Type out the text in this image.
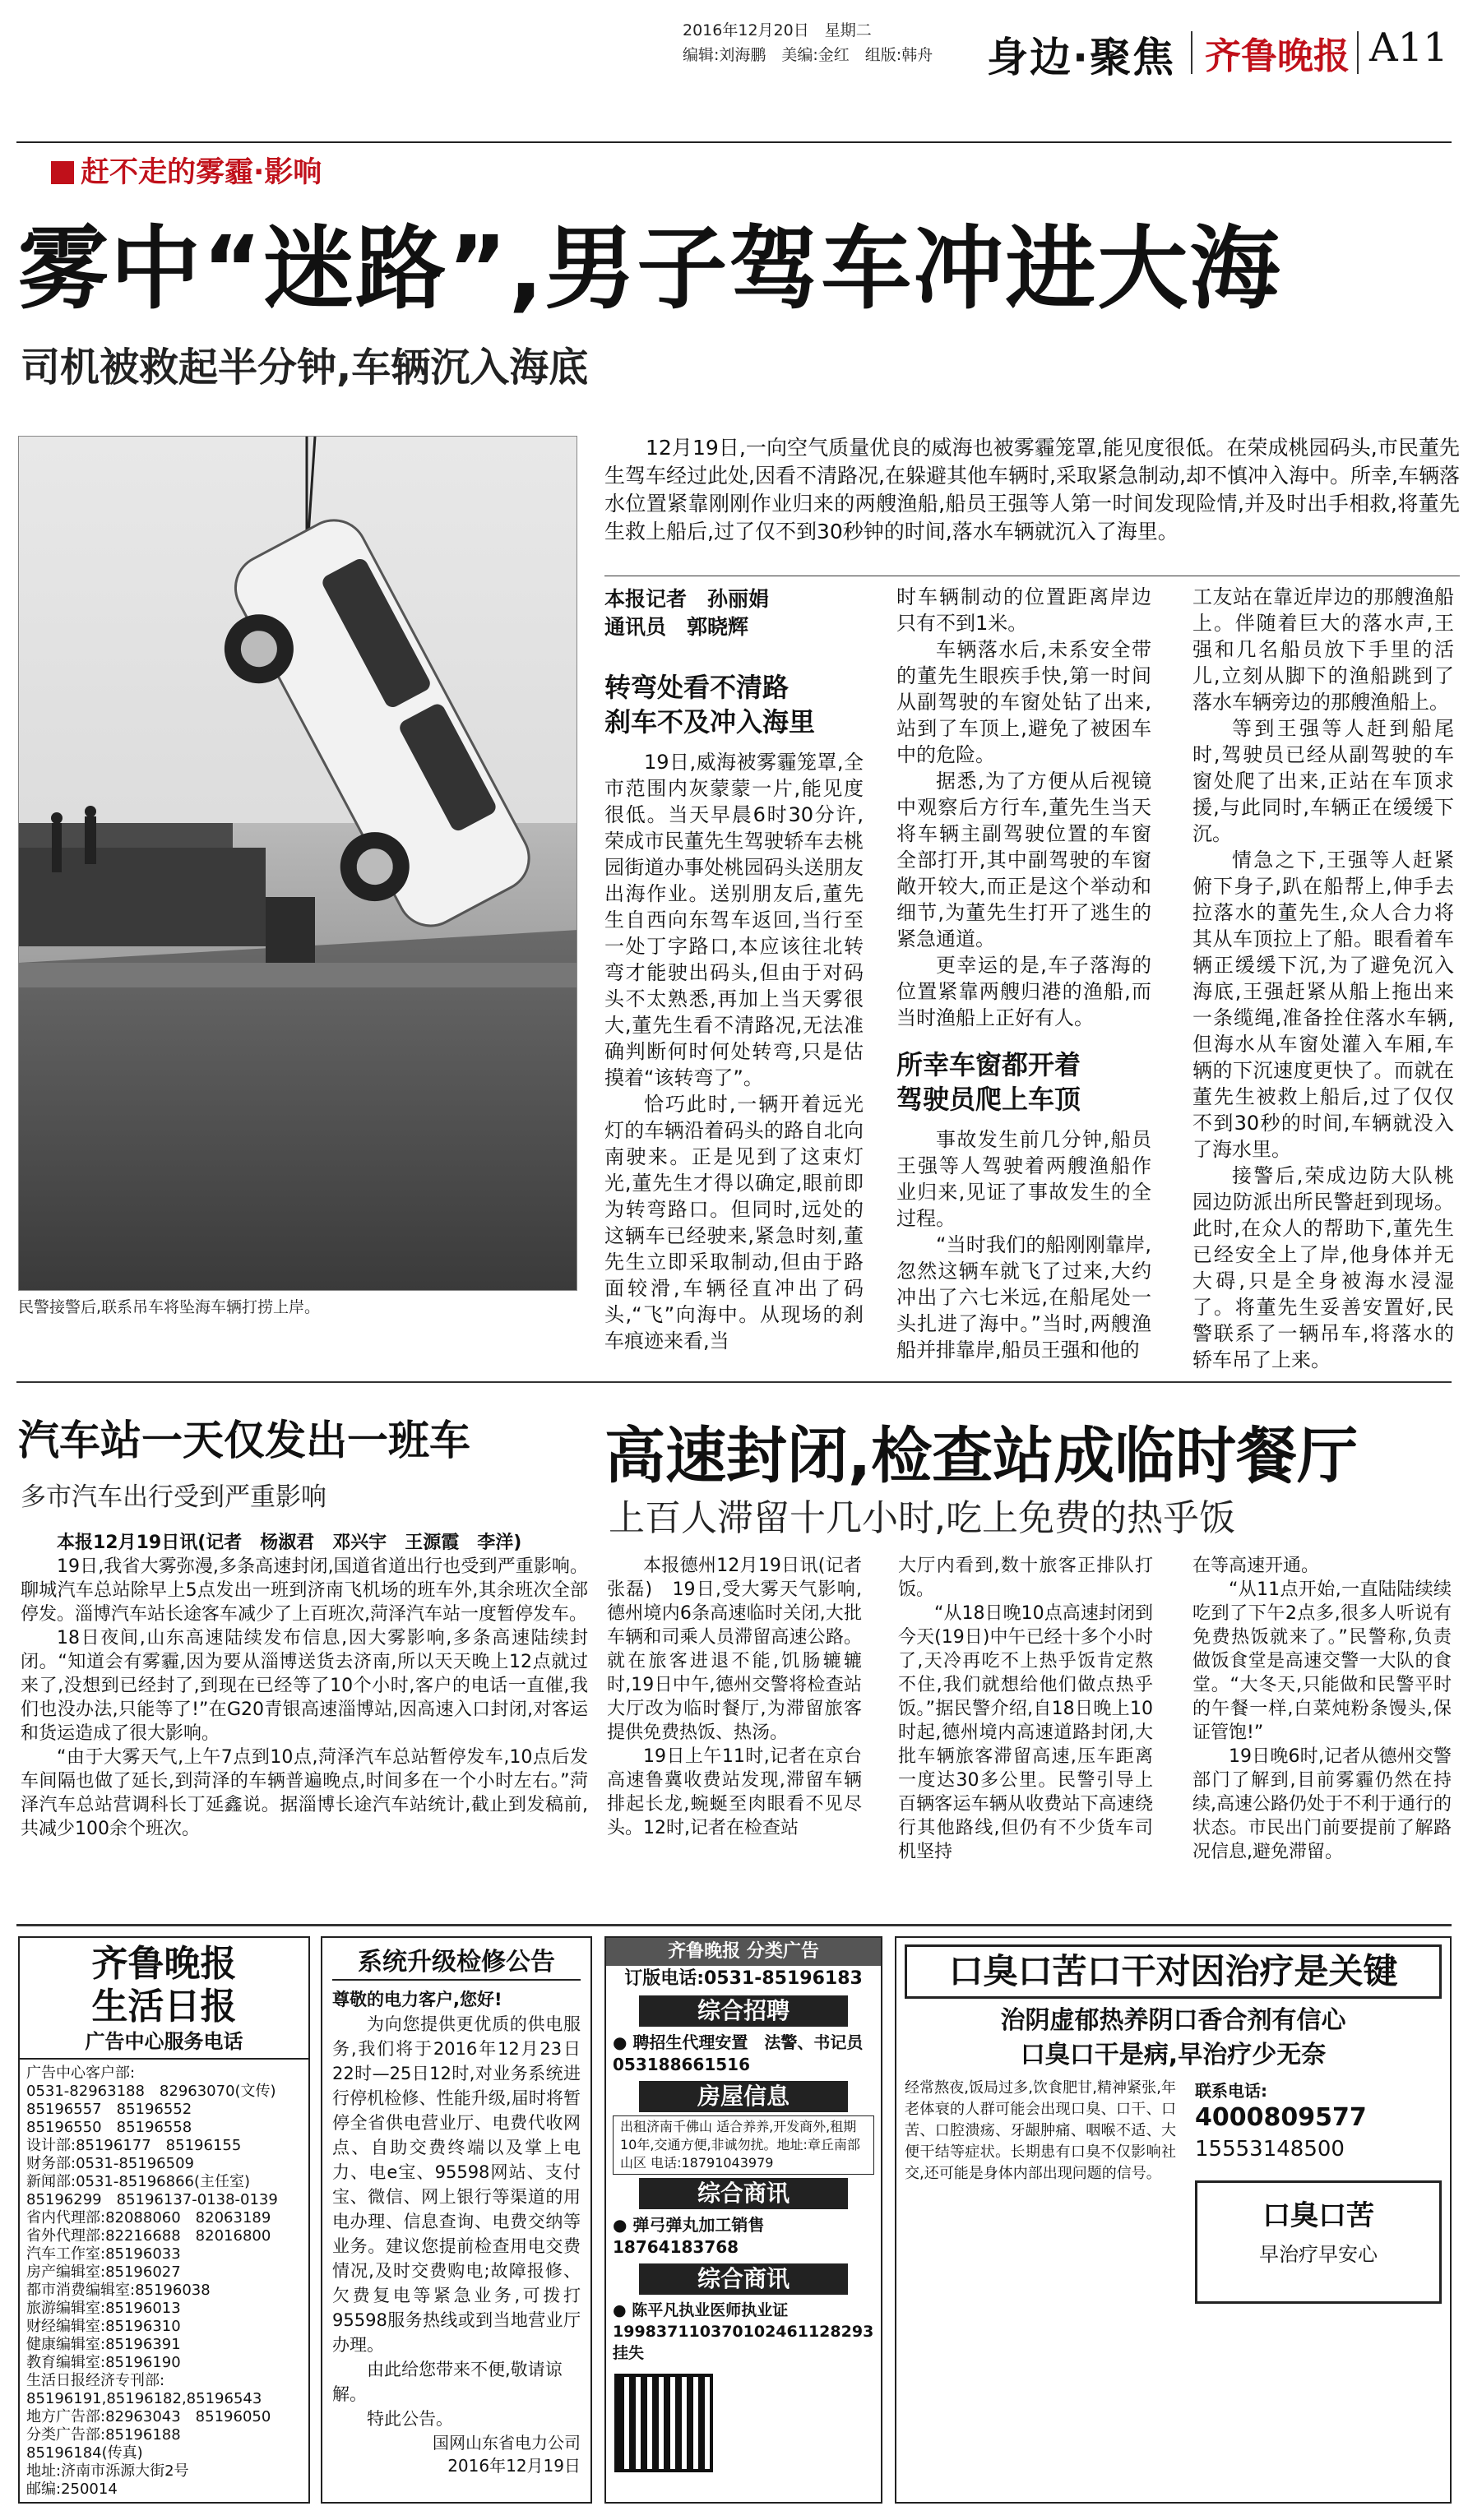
2016年12月20日　星期二
编辑:刘海鹏　美编:金红　组版:韩舟	身边·聚焦 齐鲁晚报 A11
赶不走的雾霾·影响
雾中“迷路”,男子驾车冲进大海
司机被救起半分钟,车辆沉入海底
民警接警后,联系吊车将坠海车辆打捞上岸。
12月19日,一向空气质量优良的威海也被雾霾笼罩,能见度很低。在荣成桃园码头,市民董先生驾车经过此处,因看不清路况,在躲避其他车辆时,采取紧急制动,却不慎冲入海中。所幸,车辆落水位置紧靠刚刚作业归来的两艘渔船,船员王强等人第一时间发现险情,并及时出手相救,将董先生救上船后,过了仅不到30秒钟的时间,落水车辆就沉入了海里。
本报记者　孙丽娟
通讯员　郭晓辉
转弯处看不清路
刹车不及冲入海里

19日,威海被雾霾笼罩,全市范围内灰蒙蒙一片,能见度很低。当天早晨6时30分许,荣成市民董先生驾驶轿车去桃园街道办事处桃园码头送朋友出海作业。送别朋友后,董先生自西向东驾车返回,当行至一处丁字路口,本应该往北转弯才能驶出码头,但由于对码头不太熟悉,再加上当天雾很大,董先生看不清路况,无法准确判断何时何处转弯,只是估摸着“该转弯了”。

恰巧此时,一辆开着远光灯的车辆沿着码头的路自北向南驶来。正是见到了这束灯光,董先生才得以确定,眼前即为转弯路口。但同时,远处的这辆车已经驶来,紧急时刻,董先生立即采取制动,但由于路面较滑,车辆径直冲出了码头,“飞”向海中。从现场的刹车痕迹来看,当

时车辆制动的位置距离岸边只有不到1米。

车辆落水后,未系安全带的董先生眼疾手快,第一时间从副驾驶的车窗处钻了出来,站到了车顶上,避免了被困车中的危险。

据悉,为了方便从后视镜中观察后方行车,董先生当天将车辆主副驾驶位置的车窗全部打开,其中副驾驶的车窗敞开较大,而正是这个举动和细节,为董先生打开了逃生的紧急通道。

更幸运的是,车子落海的位置紧靠两艘归港的渔船,而当时渔船上正好有人。

所幸车窗都开着
驾驶员爬上车顶

事故发生前几分钟,船员王强等人驾驶着两艘渔船作业归来,见证了事故发生的全过程。

“当时我们的船刚刚靠岸,忽然这辆车就飞了过来,大约冲出了六七米远,在船尾处一头扎进了海中。”当时,两艘渔船并排靠岸,船员王强和他的

工友站在靠近岸边的那艘渔船上。伴随着巨大的落水声,王强和几名船员放下手里的活儿,立刻从脚下的渔船跳到了落水车辆旁边的那艘渔船上。

等到王强等人赶到船尾时,驾驶员已经从副驾驶的车窗处爬了出来,正站在车顶求援,与此同时,车辆正在缓缓下沉。

情急之下,王强等人赶紧俯下身子,趴在船帮上,伸手去拉落水的董先生,众人合力将其从车顶拉上了船。眼看着车辆正缓缓下沉,为了避免沉入海底,王强赶紧从船上拖出来一条缆绳,准备拴住落水车辆,但海水从车窗处灌入车厢,车辆的下沉速度更快了。而就在董先生被救上船后,过了仅仅不到30秒的时间,车辆就没入了海水里。

接警后,荣成边防大队桃园边防派出所民警赶到现场。此时,在众人的帮助下,董先生已经安全上了岸,他身体并无大碍,只是全身被海水浸湿了。将董先生妥善安置好,民警联系了一辆吊车,将落水的轿车吊了上来。

汽车站一天仅发出一班车
多市汽车出行受到严重影响

本报12月19日讯(记者　杨淑君　邓兴宇　王源霞　李洋)

19日,我省大雾弥漫,多条高速封闭,国道省道出行也受到严重影响。聊城汽车总站除早上5点发出一班到济南飞机场的班车外,其余班次全部停发。淄博汽车站长途客车减少了上百班次,菏泽汽车站一度暂停发车。

18日夜间,山东高速陆续发布信息,因大雾影响,多条高速陆续封闭。“知道会有雾霾,因为要从淄博送货去济南,所以天天晚上12点就过来了,没想到已经封了,到现在已经等了10个小时,客户的电话一直催,我们也没办法,只能等了!”在G20青银高速淄博站,因高速入口封闭,对客运和货运造成了很大影响。

“由于大雾天气,上午7点到10点,菏泽汽车总站暂停发车,10点后发车间隔也做了延长,到菏泽的车辆普遍晚点,时间多在一个小时左右。”菏泽汽车总站营调科长丁延鑫说。据淄博长途汽车站统计,截止到发稿前,共减少100余个班次。

高速封闭,检查站成临时餐厅
上百人滞留十几小时,吃上免费的热乎饭

本报德州12月19日讯(记者　张磊)　19日,受大雾天气影响,德州境内6条高速临时关闭,大批车辆和司乘人员滞留高速公路。就在旅客进退不能,饥肠辘辘时,19日中午,德州交警将检查站大厅改为临时餐厅,为滞留旅客提供免费热饭、热汤。

19日上午11时,记者在京台高速鲁冀收费站发现,滞留车辆排起长龙,蜿蜒至肉眼看不见尽头。12时,记者在检查站

大厅内看到,数十旅客正排队打饭。

“从18日晚10点高速封闭到今天(19日)中午已经十多个小时了,天冷再吃不上热乎饭肯定熬不住,我们就想给他们做点热乎饭。”据民警介绍,自18日晚上10时起,德州境内高速道路封闭,大批车辆旅客滞留高速,压车距离一度达30多公里。民警引导上百辆客运车辆从收费站下高速绕行其他路线,但仍有不少货车司机坚持

在等高速开通。

“从11点开始,一直陆陆续续吃到了下午2点多,很多人听说有免费热饭就来了。”民警称,负责做饭食堂是高速交警一大队的食堂。“大冬天,只能做和民警平时的午餐一样,白菜炖粉条馒头,保证管饱!”

19日晚6时,记者从德州交警部门了解到,目前雾霾仍然在持续,高速公路仍处于不利于通行的状态。市民出门前要提前了解路况信息,避免滞留。

齐鲁晚报
生活日报
广告中心服务电话
广告中心客户部:
0531-82963188　82963070(文传)
85196557　85196552
85196550　85196558
设计部:85196177　85196155
财务部:0531-85196509
新闻部:0531-85196866(主任室)
85196299　85196137-0138-0139
省内代理部:82088060　82063189
省外代理部:82216688　82016800
汽车工作室:85196033
房产编辑室:85196027
都市消费编辑室:85196038
旅游编辑室:85196013
财经编辑室:85196310
健康编辑室:85196391
教育编辑室:85196190
生活日报经济专刊部:
85196191,85196182,85196543
地方广告部:82963043　85196050
分类广告部:85196188
85196184(传真)
地址:济南市泺源大街2号
邮编:250014
系统升级检修公告
尊敬的电力客户,您好!
为向您提供更优质的供电服务,我们将于2016年12月23日22时—25日12时,对业务系统进行停机检修、性能升级,届时将暂停全省供电营业厅、电费代收网点、自助交费终端以及掌上电力、电e宝、95598网站、支付宝、微信、网上银行等渠道的用电办理、信息查询、电费交纳等业务。建议您提前检查用电交费情况,及时交费购电;故障报修、欠费复电等紧急业务,可拨打95598服务热线或到当地营业厅办理。
由此给您带来不便,敬请谅解。
特此公告。
国网山东省电力公司
2016年12月19日
齐鲁晚报 分类广告
订版电话:0531-85196183
综合招聘
● 聘招生代理安置　法警、书记员053188661516
房屋信息
出租济南千佛山 适合养养,开发商外,租期10年,交通方便,非诚勿扰。地址:章丘南部山区 电话:18791043979
综合商讯
● 弹弓弹丸加工销售　18764183768
综合商讯
● 陈平凡执业医师执业证199837110370102461128293挂失
口臭口苦口干对因治疗是关键
治阴虚郁热养阴口香合剂有信心
口臭口干是病,早治疗少无奈
经常熬夜,饭局过多,饮食肥甘,精神紧张,年老体衰的人群可能会出现口臭、口干、口苦、口腔溃疡、牙龈肿痛、咽喉不适、大便干结等症状。长期患有口臭不仅影响社交,还可能是身体内部出现问题的信号。
联系电话:
4000809577
15553148500
口臭口苦
早治疗早安心
